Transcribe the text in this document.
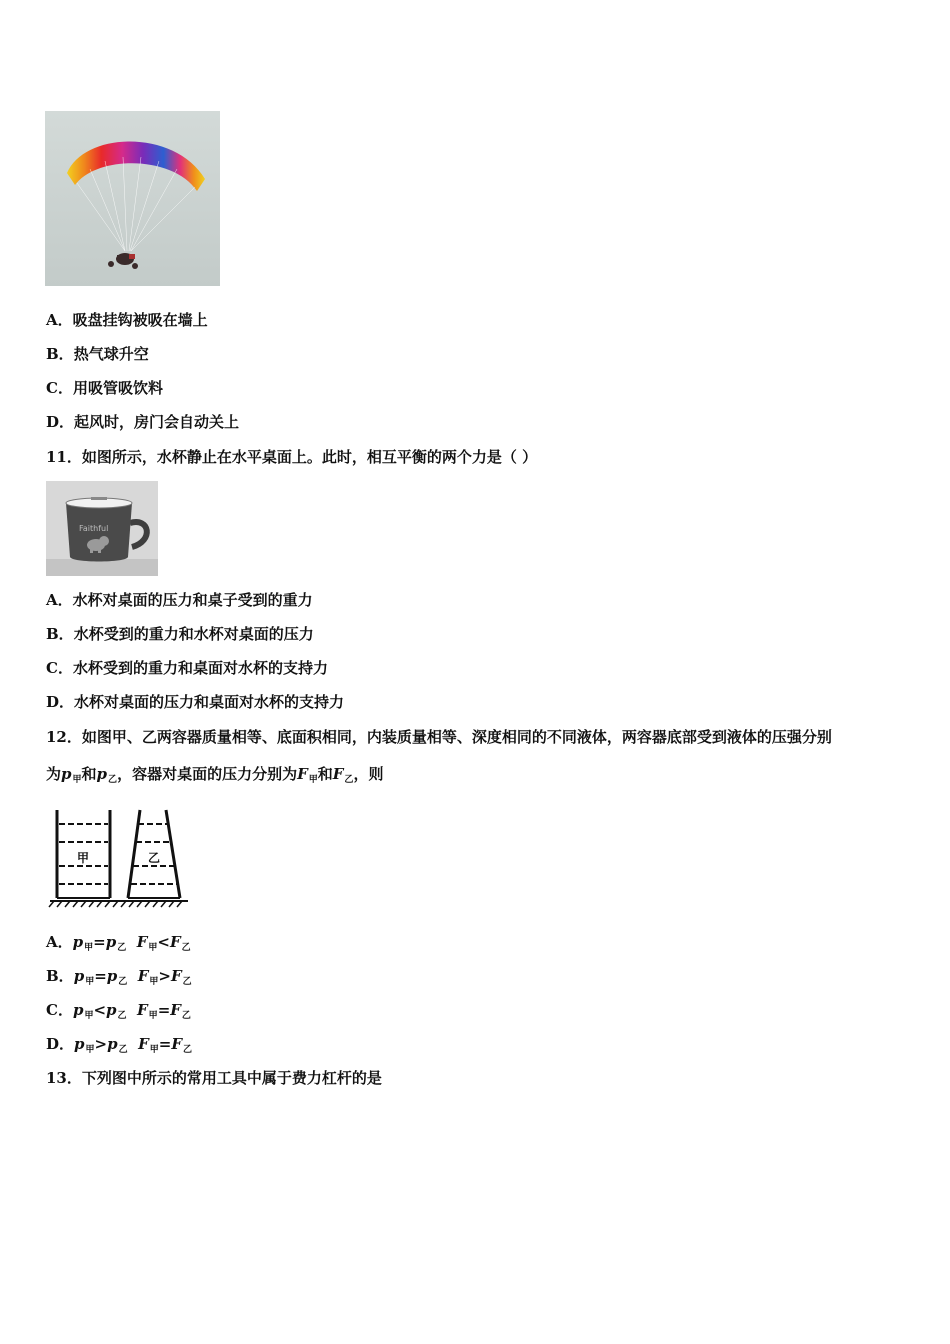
A．吸盘挂钩被吸在墙上
B．热气球升空
C．用吸管吸饮料
D．起风时，房门会自动关上
11．如图所示，水杯静止在水平桌面上。此时，相互平衡的两个力是（ ）
Faithful
A．水杯对桌面的压力和桌子受到的重力
B．水杯受到的重力和水杯对桌面的压力
C．水杯受到的重力和桌面对水杯的支持力
D．水杯对桌面的压力和桌面对水杯的支持力
12．如图甲、乙两容器质量相等、底面积相同，内装质量相等、深度相同的不同液体，两容器底部受到液体的压强分别
为$p_甲$和$p_乙$，容器对桌面的压力分别为$F_甲$和$F_乙$，则
甲	乙
A．$p_甲=p_乙$ $F_甲<F_乙$
B．$p_甲=p_乙$ $F_甲>F_乙$
C．$p_甲<p_乙$ $F_甲=F_乙$
D．$p_甲>p_乙$ $F_甲=F_乙$
13．下列图中所示的常用工具中属于费力杠杆的是
